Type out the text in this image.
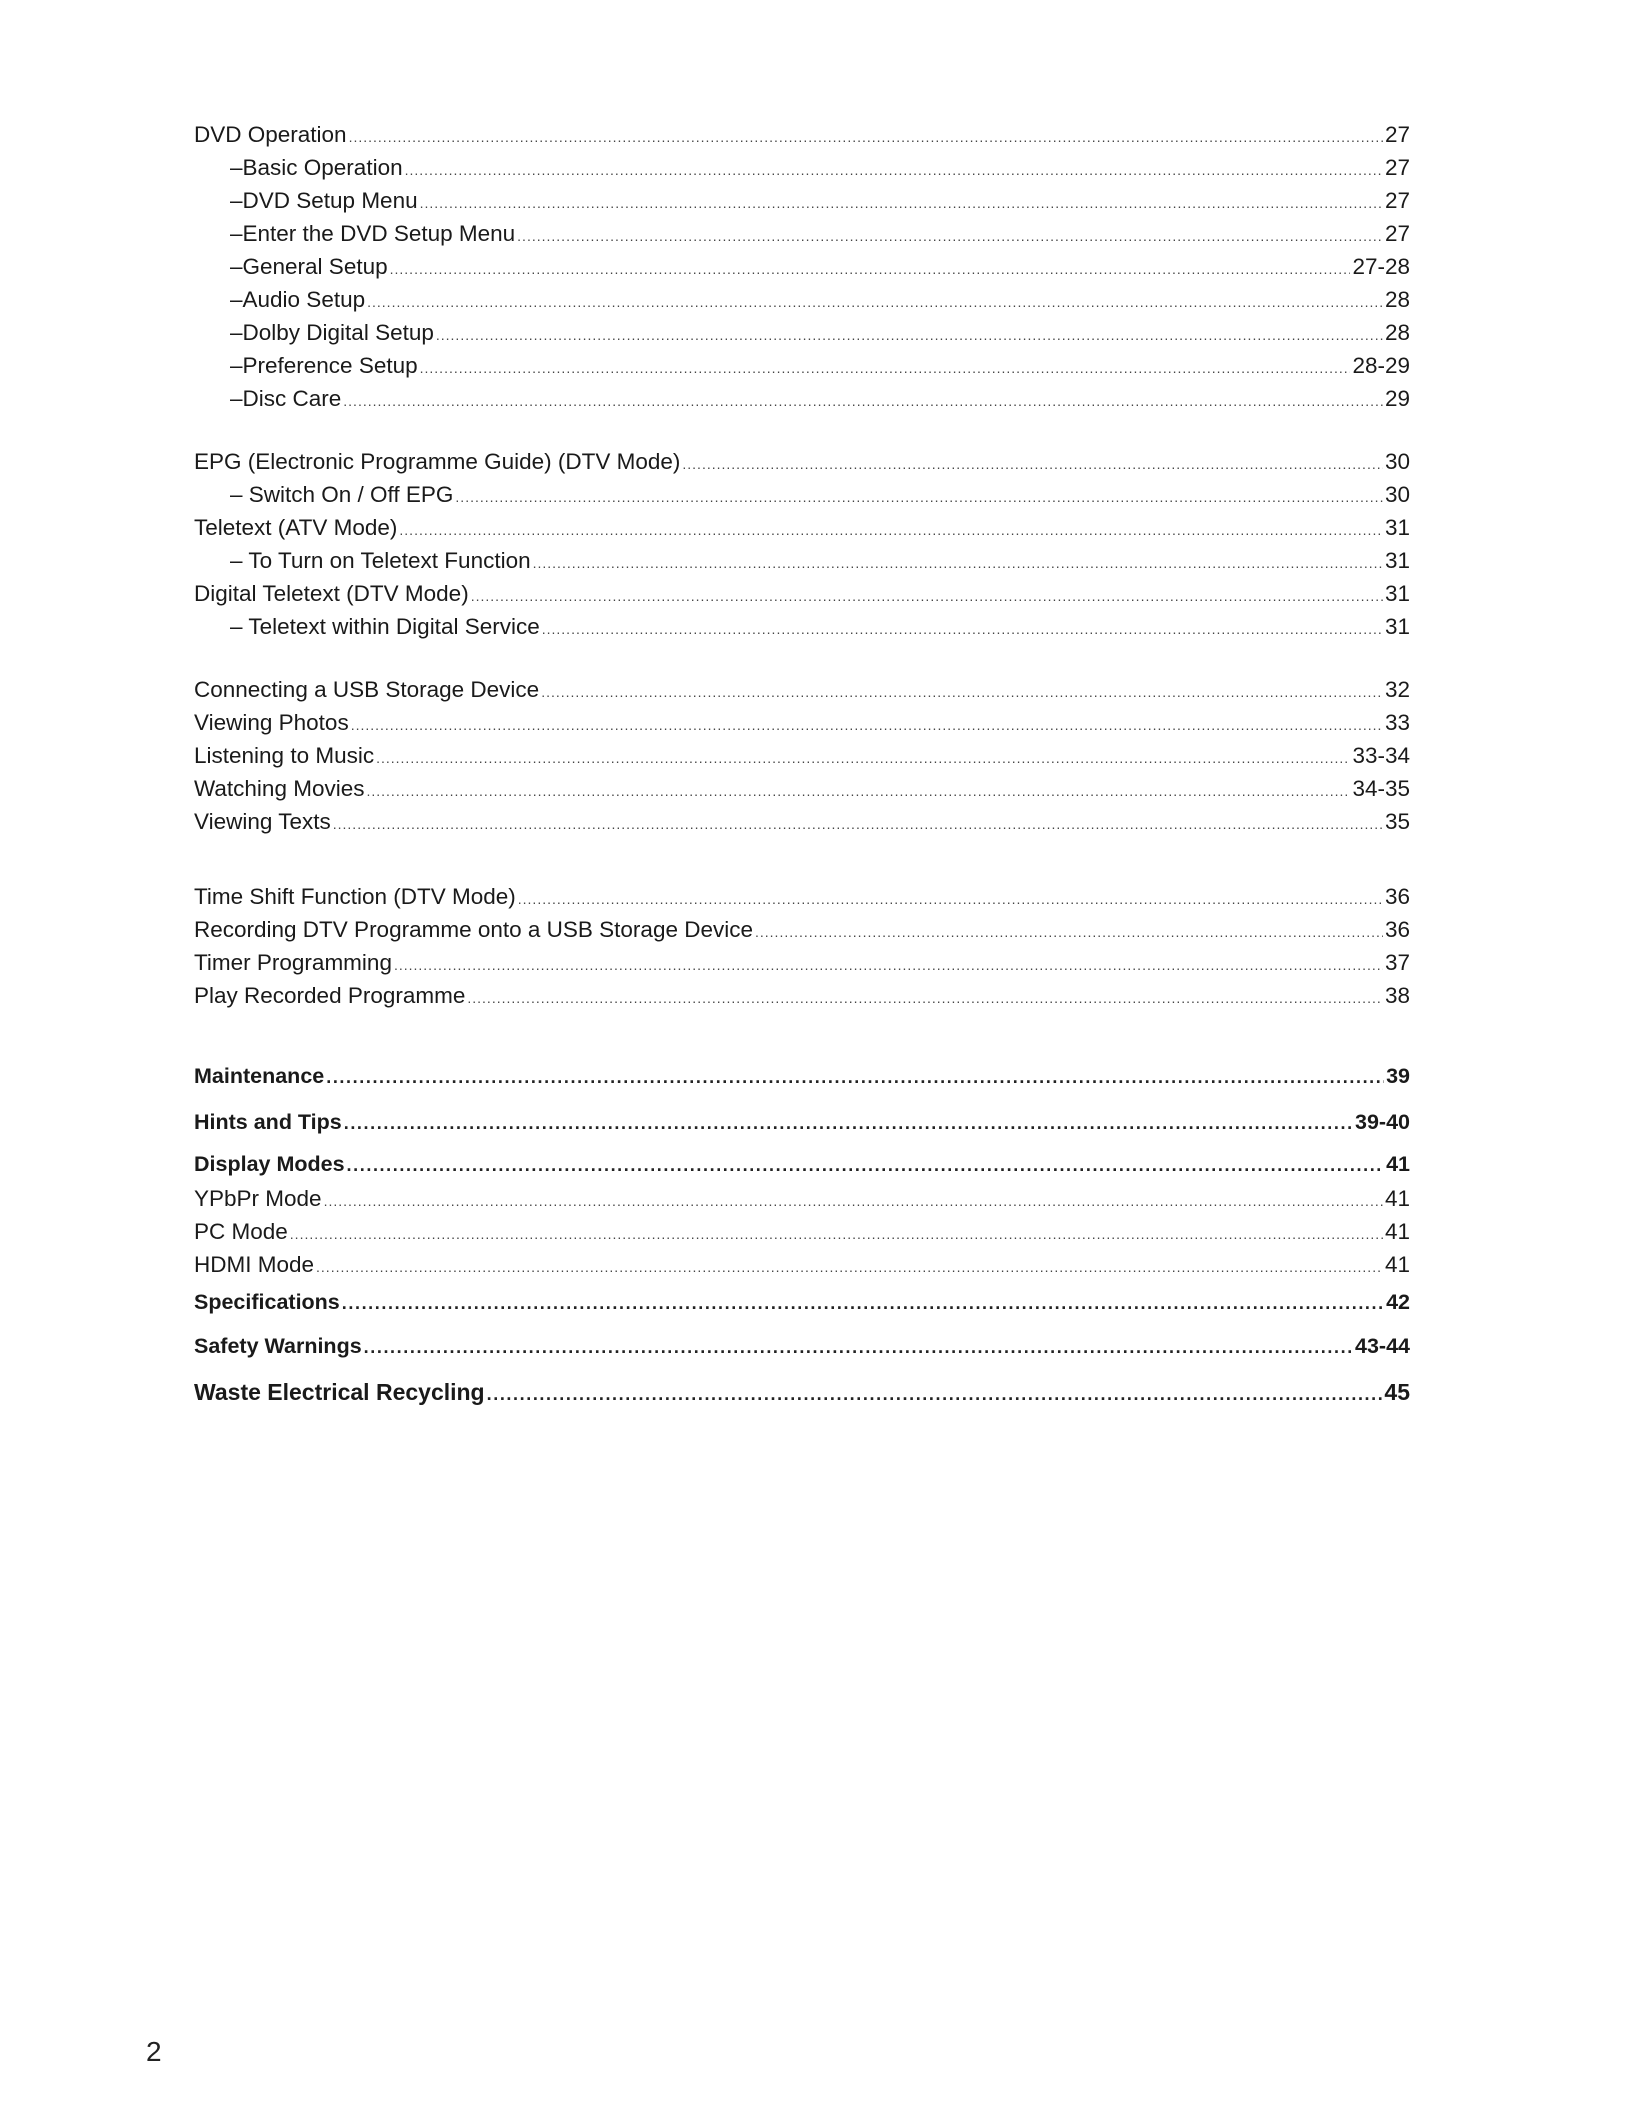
DVD Operation .....	27
–Basic Operation .....	27
–DVD Setup Menu .....	27
–Enter the DVD Setup Menu .....	27
–General Setup .....	27-28
–Audio Setup .....	28
–Dolby Digital Setup .....	28
–Preference Setup .....	28-29
–Disc Care .....	29
EPG (Electronic Programme Guide) (DTV Mode) .....	30
– Switch On / Off EPG .....	30
Teletext (ATV Mode) .....	31
– To Turn on Teletext Function .....	31
Digital Teletext (DTV Mode) .....	31
– Teletext within Digital Service .....	31
Connecting a USB Storage Device .....	32
Viewing Photos .....	33
Listening to Music .....	33-34
Watching Movies .....	34-35
Viewing Texts .....	35
Time Shift Function (DTV Mode) .....	36
Recording DTV Programme onto a USB Storage Device .....	36
Timer Programming .....	37
Play Recorded Programme .....	38
Maintenance .....	39
Hints and Tips .....	39-40
Display Modes .....	41
YPbPr Mode .....	41
PC Mode .....	41
HDMI Mode .....	41
Specifications .....	42
Safety Warnings .....	43-44
Waste Electrical Recycling .....	45
2
